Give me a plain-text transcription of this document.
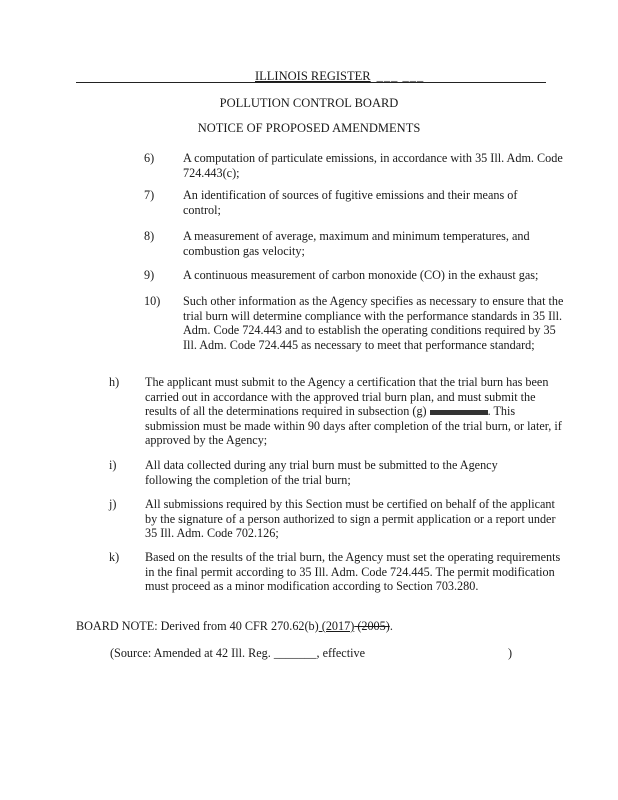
ILLINOIS REGISTER ___ ___
POLLUTION CONTROL BOARD
NOTICE OF PROPOSED AMENDMENTS
6) A computation of particulate emissions, in accordance with 35 Ill. Adm. Code 724.443(c);
7) An identification of sources of fugitive emissions and their means of control;
8) A measurement of average, maximum and minimum temperatures, and combustion gas velocity;
9) A continuous measurement of carbon monoxide (CO) in the exhaust gas;
10) Such other information as the Agency specifies as necessary to ensure that the trial burn will determine compliance with the performance standards in 35 Ill. Adm. Code 724.443 and to establish the operating conditions required by 35 Ill. Adm. Code 724.445 as necessary to meet that performance standard;
h) The applicant must submit to the Agency a certification that the trial burn has been carried out in accordance with the approved trial burn plan, and must submit the results of all the determinations required in subsection (g)	. This submission must be made within 90 days after completion of the trial burn, or later, if approved by the Agency;
i) All data collected during any trial burn must be submitted to the Agency following the completion of the trial burn;
j) All submissions required by this Section must be certified on behalf of the applicant by the signature of a person authorized to sign a permit application or a report under 35 Ill. Adm. Code 702.126;
k) Based on the results of the trial burn, the Agency must set the operating requirements in the final permit according to 35 Ill. Adm. Code 724.445. The permit modification must proceed as a minor modification according to Section 703.280.
BOARD NOTE: Derived from 40 CFR 270.62(b) (2017) (2005).
(Source: Amended at 42 Ill. Reg. _______, effective	)
